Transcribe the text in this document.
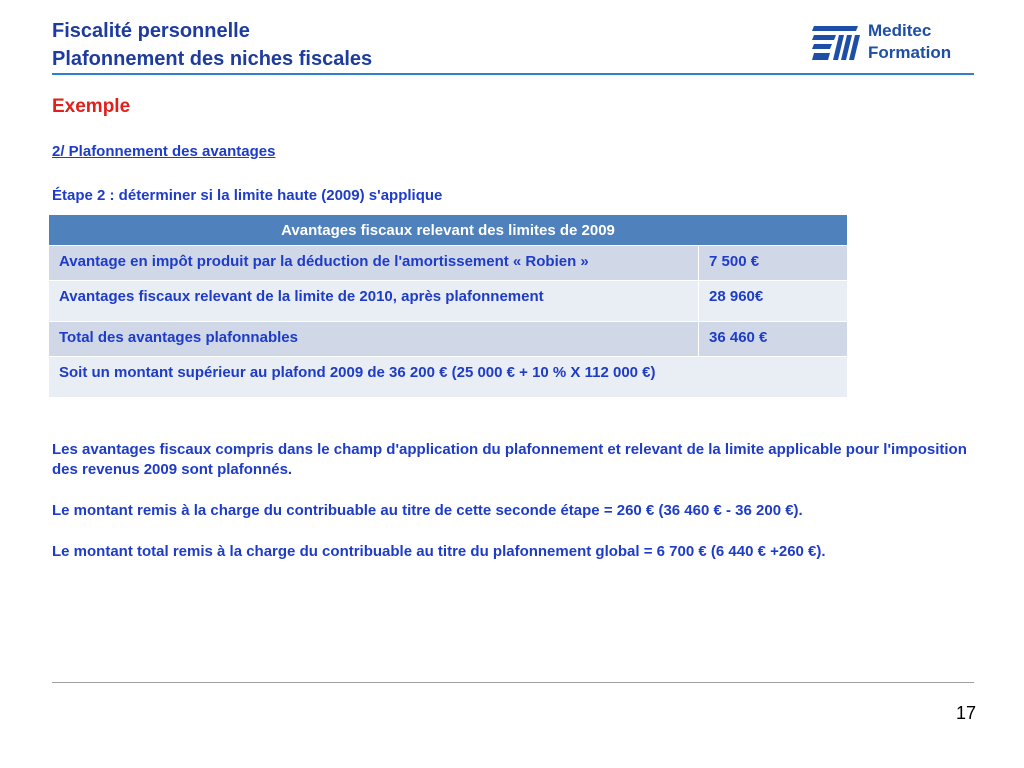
Fiscalité personnelle
Plafonnement des niches fiscales
Meditec
Formation
Exemple
2/ Plafonnement des avantages
Étape 2 : déterminer si la limite haute (2009) s'applique
Avantages fiscaux relevant des limites de 2009	
Avantage en impôt produit par la déduction de l'amortissement « Robien »	7 500 €
Avantages fiscaux relevant de la limite de 2010, après plafonnement	28 960€
Total des avantages plafonnables	36 460 €
Soit un montant supérieur au plafond 2009 de 36 200 € (25 000 € + 10 % X 112 000 €)	
Les avantages fiscaux compris dans le champ d'application du plafonnement et relevant de la limite applicable pour l'imposition des revenus 2009 sont plafonnés.
Le montant remis à la charge du contribuable au titre de cette seconde étape = 260 € (36 460 € - 36 200 €).
Le montant total remis à la charge du contribuable au titre du plafonnement global = 6 700 € (6 440 € +260 €).
17
